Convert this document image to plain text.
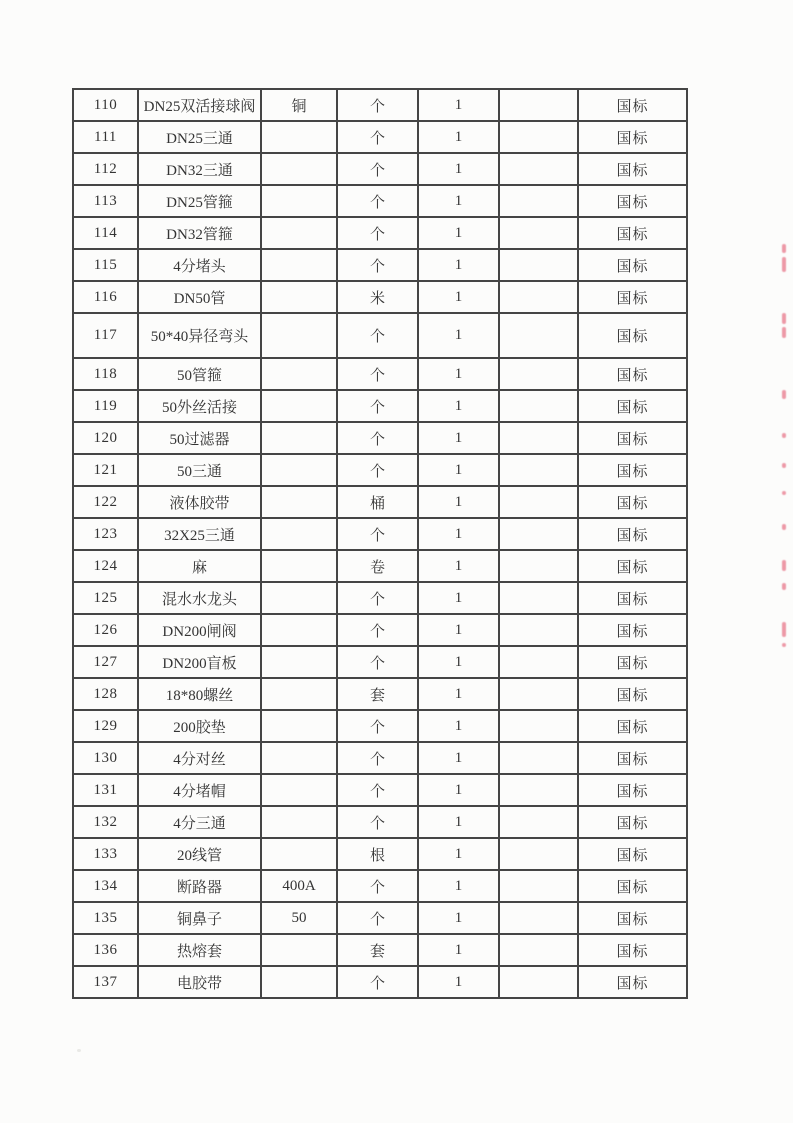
110	DN25双活接球阀	铜	个	1		国标
111	DN25三通		个	1		国标
112	DN32三通		个	1		国标
113	DN25管箍		个	1		国标
114	DN32管箍		个	1		国标
115	4分堵头		个	1		国标
116	DN50管		米	1		国标
117	50*40异径弯头		个	1		国标
118	50管箍		个	1		国标
119	50外丝活接		个	1		国标
120	50过滤器		个	1		国标
121	50三通		个	1		国标
122	液体胶带		桶	1		国标
123	32X25三通		个	1		国标
124	麻		卷	1		国标
125	混水水龙头		个	1		国标
126	DN200闸阀		个	1		国标
127	DN200盲板		个	1		国标
128	18*80螺丝		套	1		国标
129	200胶垫		个	1		国标
130	4分对丝		个	1		国标
131	4分堵帽		个	1		国标
132	4分三通		个	1		国标
133	20线管		根	1		国标
134	断路器	400A	个	1		国标
135	铜鼻子	50	个	1		国标
136	热熔套		套	1		国标
137	电胶带		个	1		国标
